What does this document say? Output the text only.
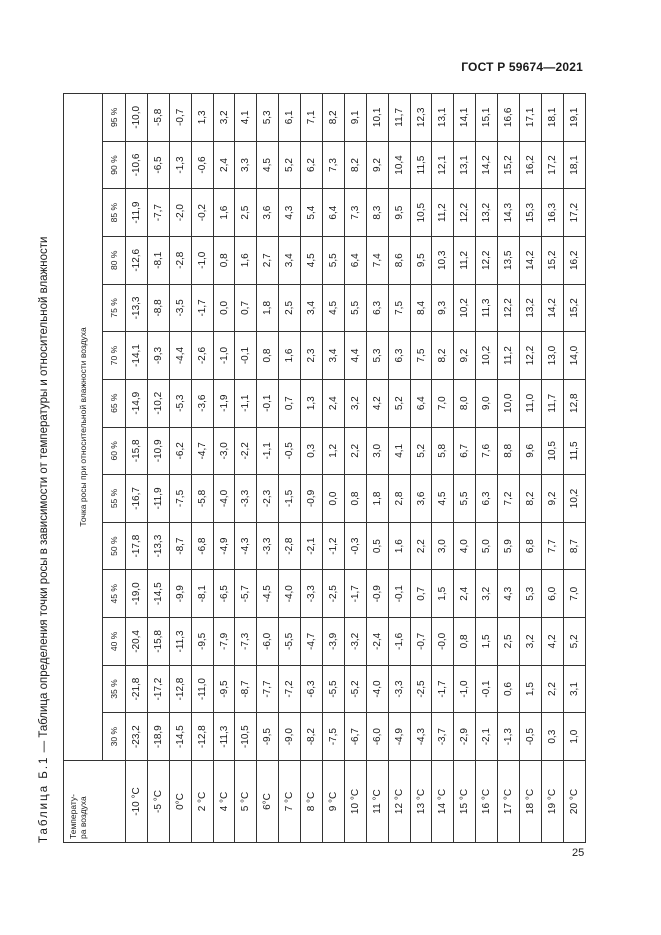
ГОСТ Р 59674—2021
Таблица Б.1 — Таблица определения точки росы в зависимости от температуры и относительной влажности
Температу-
ра воздуха	Точка росы при относительной влажности воздуха													
	30 %	35 %	40 %	45 %	50 %	55 %	60 %	65 %	70 %	75 %	80 %	85 %	90 %	95 %
-10 °С	-23,2	-21,8	-20,4	-19,0	-17,8	-16,7	-15,8	-14,9	-14,1	-13,3	-12,6	-11,9	-10,6	-10,0
-5 °С	-18,9	-17,2	-15,8	-14,5	-13,3	-11,9	-10,9	-10,2	-9,3	-8,8	-8,1	-7,7	-6,5	-5,8
0°С	-14,5	-12,8	-11,3	-9,9	-8,7	-7,5	-6,2	-5,3	-4,4	-3,5	-2,8	-2,0	-1,3	-0,7
2 °С	-12,8	-11,0	-9,5	-8,1	-6,8	-5,8	-4,7	-3,6	-2,6	-1,7	-1,0	-0,2	-0,6	1,3
4 °С	-11,3	-9,5	-7,9	-6,5	-4,9	-4,0	-3,0	-1,9	-1,0	0,0	0,8	1,6	2,4	3,2
5 °С	-10,5	-8,7	-7,3	-5,7	-4,3	-3,3	-2,2	-1,1	-0,1	0,7	1,6	2,5	3,3	4,1
6°С	-9,5	-7,7	-6,0	-4,5	-3,3	-2,3	-1,1	-0,1	0,8	1,8	2,7	3,6	4,5	5,3
7 °С	-9,0	-7,2	-5,5	-4,0	-2,8	-1,5	-0,5	0,7	1,6	2,5	3,4	4,3	5,2	6,1
8 °С	-8,2	-6,3	-4,7	-3,3	-2,1	-0,9	0,3	1,3	2,3	3,4	4,5	5,4	6,2	7,1
9 °С	-7,5	-5,5	-3,9	-2,5	-1,2	0,0	1,2	2,4	3,4	4,5	5,5	6,4	7,3	8,2
10 °С	-6,7	-5,2	-3,2	-1,7	-0,3	0,8	2,2	3,2	4,4	5,5	6,4	7,3	8,2	9,1
11 °С	-6,0	-4,0	-2,4	-0,9	0,5	1,8	3,0	4,2	5,3	6,3	7,4	8,3	9,2	10,1
12 °С	-4,9	-3,3	-1,6	-0,1	1,6	2,8	4,1	5,2	6,3	7,5	8,6	9,5	10,4	11,7
13 °С	-4,3	-2,5	-0,7	0,7	2,2	3,6	5,2	6,4	7,5	8,4	9,5	10,5	11,5	12,3
14 °С	-3,7	-1,7	-0,0	1,5	3,0	4,5	5,8	7,0	8,2	9,3	10,3	11,2	12,1	13,1
15 °С	-2,9	-1,0	0,8	2,4	4,0	5,5	6,7	8,0	9,2	10,2	11,2	12,2	13,1	14,1
16 °С	-2,1	-0,1	1,5	3,2	5,0	6,3	7,6	9,0	10,2	11,3	12,2	13,2	14,2	15,1
17 °С	-1,3	0,6	2,5	4,3	5,9	7,2	8,8	10,0	11,2	12,2	13,5	14,3	15,2	16,6
18 °С	-0,5	1,5	3,2	5,3	6,8	8,2	9,6	11,0	12,2	13,2	14,2	15,3	16,2	17,1
19 °С	0,3	2,2	4,2	6,0	7,7	9,2	10,5	11,7	13,0	14,2	15,2	16,3	17,2	18,1
20 °С	1,0	3,1	5,2	7,0	8,7	10,2	11,5	12,8	14,0	15,2	16,2	17,2	18,1	19,1
25
